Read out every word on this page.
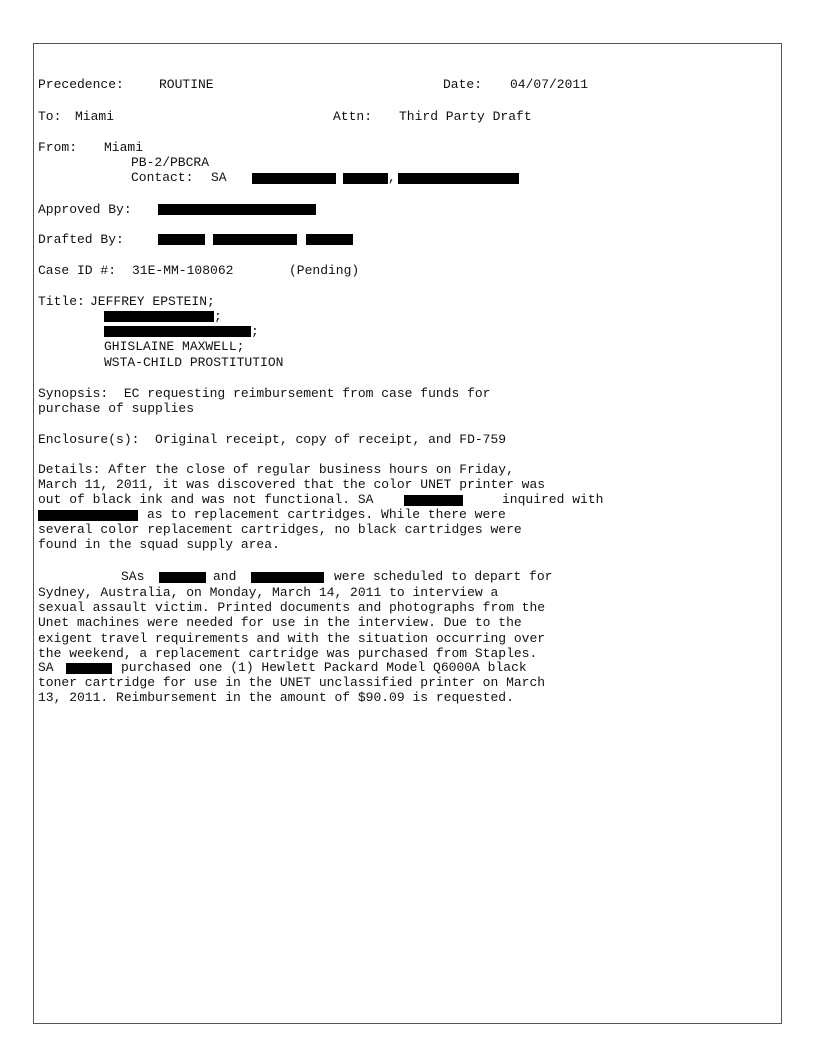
Precedence:	ROUTINE	Date: 04/07/2011
To: Miami	Attn: Third Party Draft
From: Miami
PB-2/PBCRA
Contact: SA	,
Approved By:
Drafted By:
Case ID #: 31E-MM-108062	(Pending)
Title: JEFFREY EPSTEIN;
;
;
GHISLAINE MAXWELL;
WSTA-CHILD PROSTITUTION
Synopsis:  EC requesting reimbursement from case funds for
purchase of supplies
Enclosure(s):  Original receipt, copy of receipt, and FD-759
Details: After the close of regular business hours on Friday,
March 11, 2011, it was discovered that the color UNET printer was
out of black ink and was not functional. SA	inquired with
as to replacement cartridges. While there were
several color replacement cartridges, no black cartridges were
found in the squad supply area.
SAs	and	were scheduled to depart for
Sydney, Australia, on Monday, March 14, 2011 to interview a
sexual assault victim. Printed documents and photographs from the
Unet machines were needed for use in the interview. Due to the
exigent travel requirements and with the situation occurring over
the weekend, a replacement cartridge was purchased from Staples.
SA	purchased one (1) Hewlett Packard Model Q6000A black
toner cartridge for use in the UNET unclassified printer on March
13, 2011. Reimbursement in the amount of $90.09 is requested.
